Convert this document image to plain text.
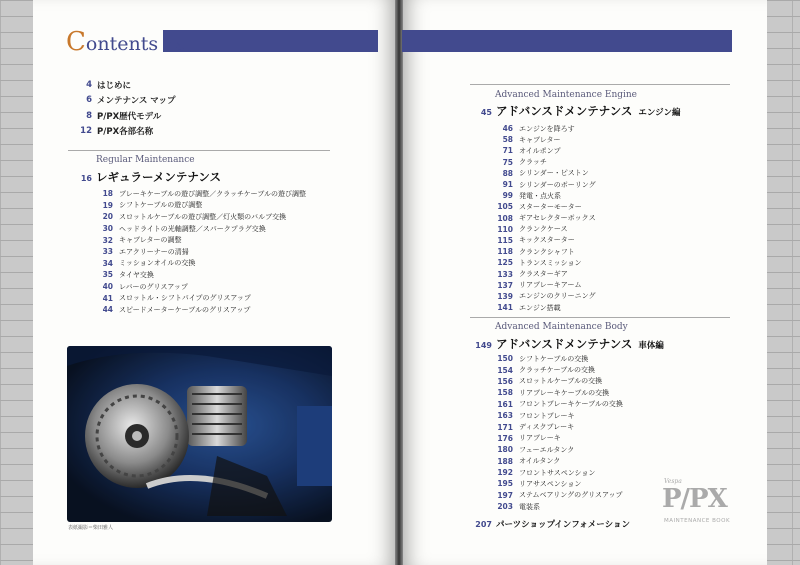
C ontents 目 次
4 はじめに
6 メンテナンス マップ
8 P/PX歴代モデル
12 P/PX各部名称
Regular Maintenance
16 レギュラーメンテナンス
18 ブレーキケーブルの遊び調整／クラッチケーブルの遊び調整
19 シフトケーブルの遊び調整
20 スロットルケーブルの遊び調整／灯火類のバルブ交換
30 ヘッドライトの光軸調整／スパークプラグ交換
32 キャブレターの調整
33 エアクリーナーの清掃
34 ミッションオイルの交換
35 タイヤ交換
40 レバーのグリスアップ
41 スロットル・シフトパイプのグリスアップ
44 スピードメーターケーブルのグリスアップ
表紙撮影＝柴田雅人
Advanced Maintenance Engine
45 アドバンスドメンテナンス エンジン編
46 エンジンを降ろす
58 キャブレター
71 オイルポンプ
75 クラッチ
88 シリンダー・ピストン
91 シリンダーのボーリング
99 発電・点火系
105 スターターモーター
108 ギアセレクターボックス
110 クランクケース
115 キックスターター
118 クランクシャフト
125 トランスミッション
133 クラスターギア
137 リアブレーキアーム
139 エンジンのクリーニング
141 エンジン搭載
Advanced Maintenance Body
149 アドバンスドメンテナンス 車体編
150 シフトケーブルの交換
154 クラッチケーブルの交換
156 スロットルケーブルの交換
158 リアブレーキケーブルの交換
161 フロントブレーキケーブルの交換
163 フロントブレーキ
171 ディスクブレーキ
176 リアブレーキ
180 フューエルタンク
188 オイルタンク
192 フロントサスペンション
195 リアサスペンション
197 ステムベアリングのグリスアップ
203 電装系
207 パーツショップインフォメーション
Vespa
P/PX
MAINTENANCE BOOK
